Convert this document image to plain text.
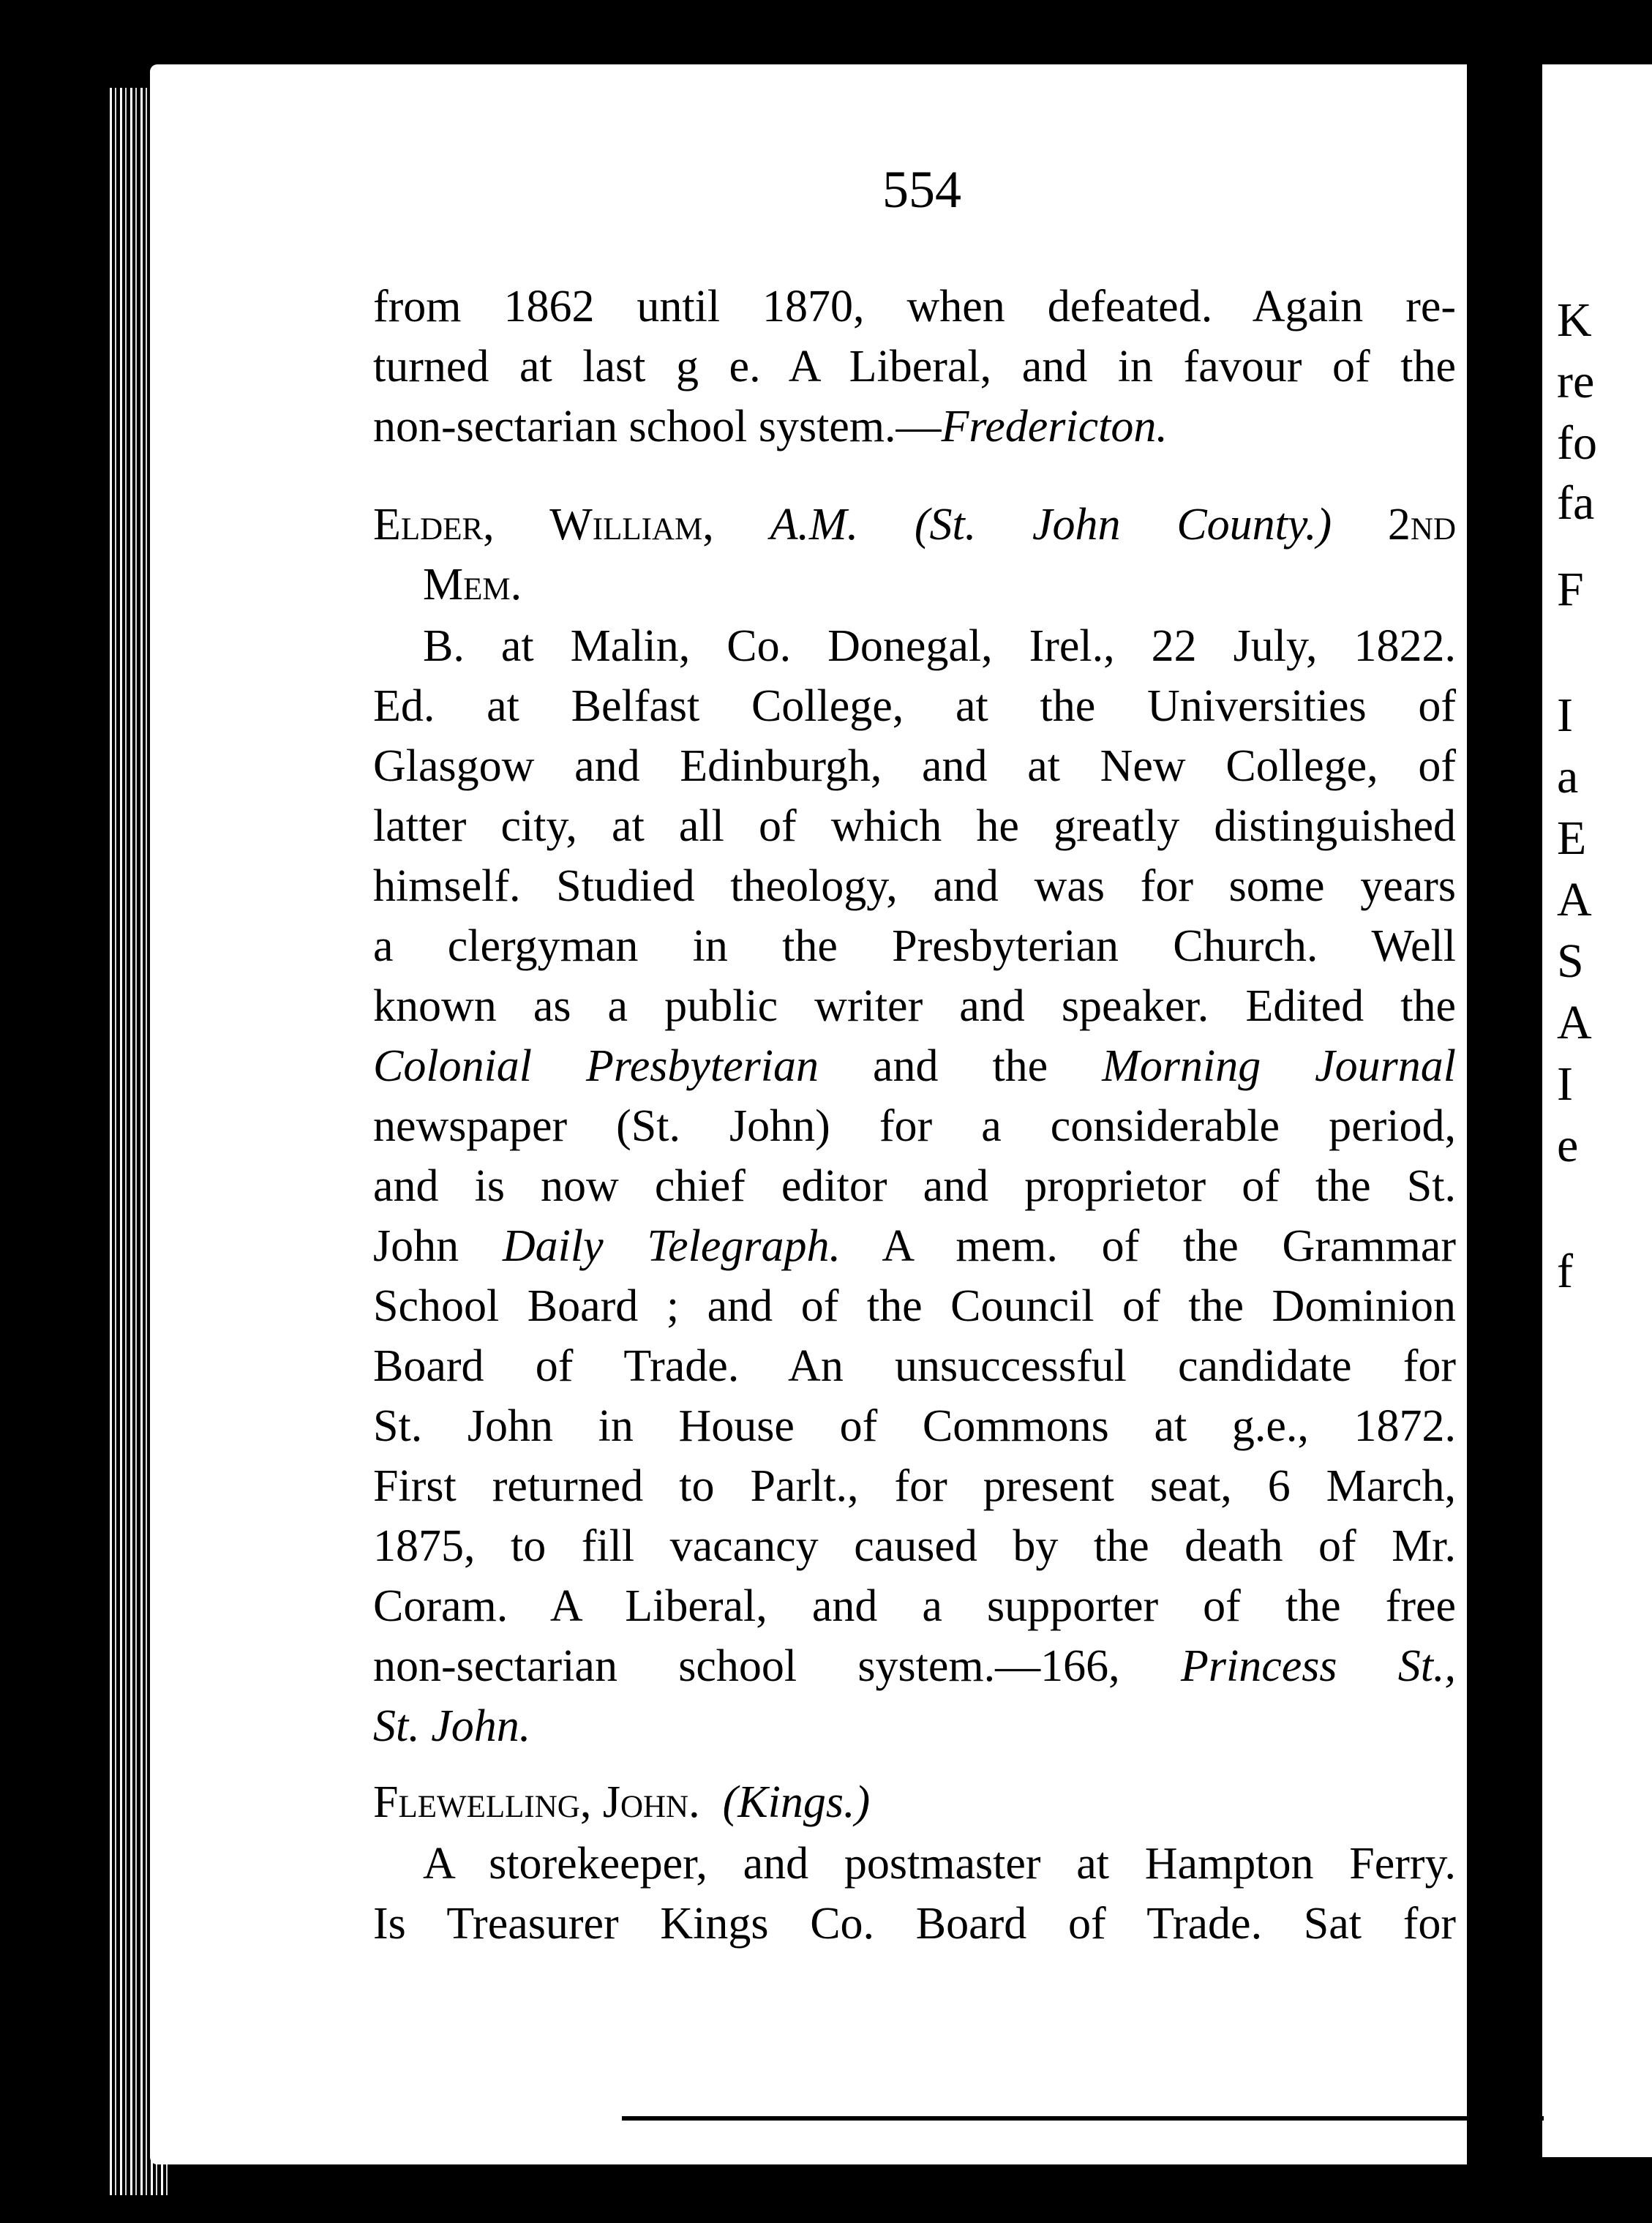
K
re
fo
fa
F
I
a
E
A
S
A
I
e
f
554
from 1862 until 1870, when defeated. Again re-
turned at last g e. A Liberal, and in favour of the
non-sectarian school system.—Fredericton.
Elder, William, A.M. (St. John County.) 2nd
Mem.
B. at Malin, Co. Donegal, Irel., 22 July, 1822.
Ed. at Belfast College, at the Universities of
Glasgow and Edinburgh, and at New College, of
latter city, at all of which he greatly distinguished
himself. Studied theology, and was for some years
a clergyman in the Presbyterian Church. Well
known as a public writer and speaker. Edited the
Colonial Presbyterian and the Morning Journal
newspaper (St. John) for a considerable period,
and is now chief editor and proprietor of the St.
John Daily Telegraph. A mem. of the Grammar
School Board ; and of the Council of the Dominion
Board of Trade. An unsuccessful candidate for
St. John in House of Commons at g.e., 1872.
First returned to Parlt., for present seat, 6 March,
1875, to fill vacancy caused by the death of Mr.
Coram. A Liberal, and a supporter of the free
non-sectarian school system.—166, Princess St.,
St. John.
Flewelling, John. (Kings.)
A storekeeper, and postmaster at Hampton Ferry.
Is Treasurer Kings Co. Board of Trade. Sat for
